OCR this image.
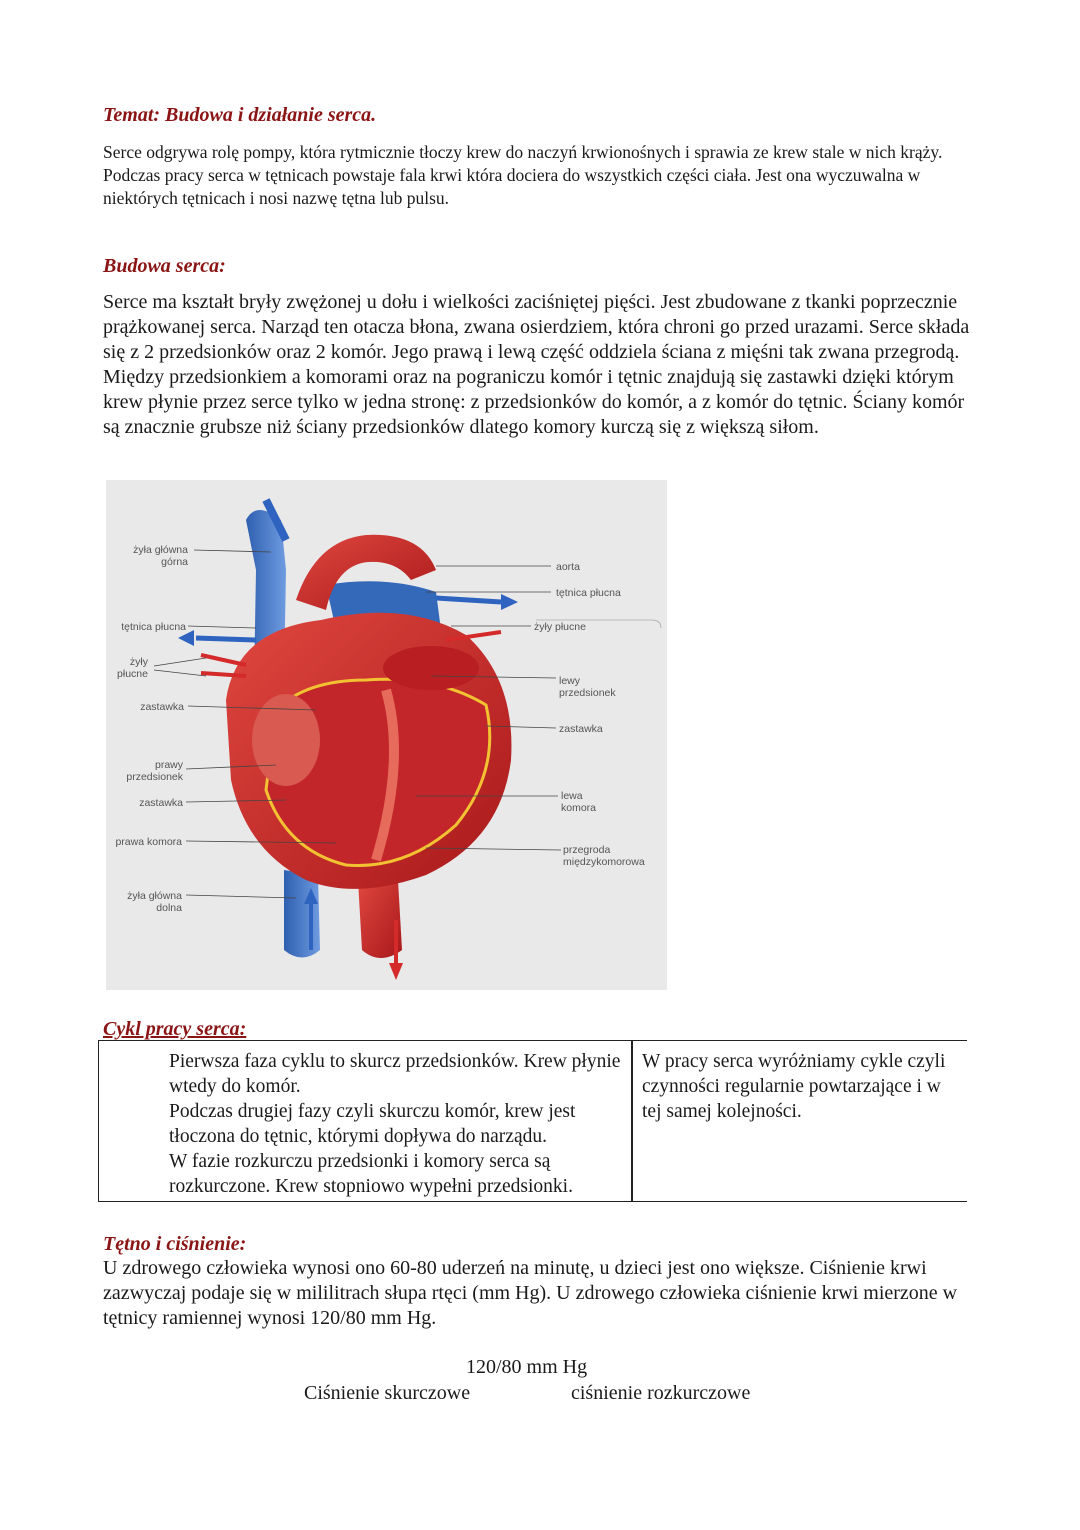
Temat: Budowa i działanie serca.

Serce odgrywa rolę pompy, która rytmicznie tłoczy krew do naczyń krwionośnych i sprawia ze krew stale w nich krąży. Podczas pracy serca w tętnicach powstaje fala krwi która dociera do wszystkich części ciała. Jest ona wyczuwalna w niektórych tętnicach i nosi nazwę tętna lub pulsu.

Budowa serca:

Serce ma kształt bryły zwężonej u dołu i wielkości zaciśniętej pięści. Jest zbudowane z tkanki poprzecznie prążkowanej serca. Narząd ten otacza błona, zwana osierdziem, która chroni go przed urazami. Serce składa się z 2 przedsionków oraz 2 komór. Jego prawą i lewą część oddziela ściana z mięśni tak zwana przegrodą. Między przedsionkiem a komorami oraz na pograniczu komór i tętnic znajdują się zastawki dzięki którym krew płynie przez serce tylko w jedna stronę: z przedsionków do komór, a z komór do tętnic. Ściany komór są znacznie grubsze niż ściany przedsionków dlatego komory kurczą się z większą siłom.

żyła główna
górna
tętnica płucna
żyły
płucne
zastawka
prawy
przedsionek
zastawka
prawa komora
żyła główna
dolna
aorta
tętnica płucna
żyły płucne
lewy
przedsionek
zastawka
lewa
komora
przegroda
międzykomorowa
Cykl pracy serca:

Pierwsza faza cyklu to skurcz przedsionków. Krew płynie wtedy do komór.

Podczas drugiej fazy czyli skurczu komór, krew jest tłoczona do tętnic, którymi dopływa do narządu.

W fazie rozkurczu przedsionki i komory serca są rozkurczone. Krew stopniowo wypełni przedsionki.

W pracy serca wyróżniamy cykle czyli czynności regularnie powtarzające i w tej samej kolejności.

Tętno i ciśnienie:

U zdrowego człowieka wynosi ono 60-80 uderzeń na minutę, u dzieci jest ono większe. Ciśnienie krwi zazwyczaj podaje się w mililitrach słupa rtęci (mm Hg). U zdrowego człowieka ciśnienie krwi mierzone w tętnicy ramiennej wynosi 120/80 mm Hg.

120/80 mm Hg

Ciśnienie skurczowe	ciśnienie rozkurczowe
